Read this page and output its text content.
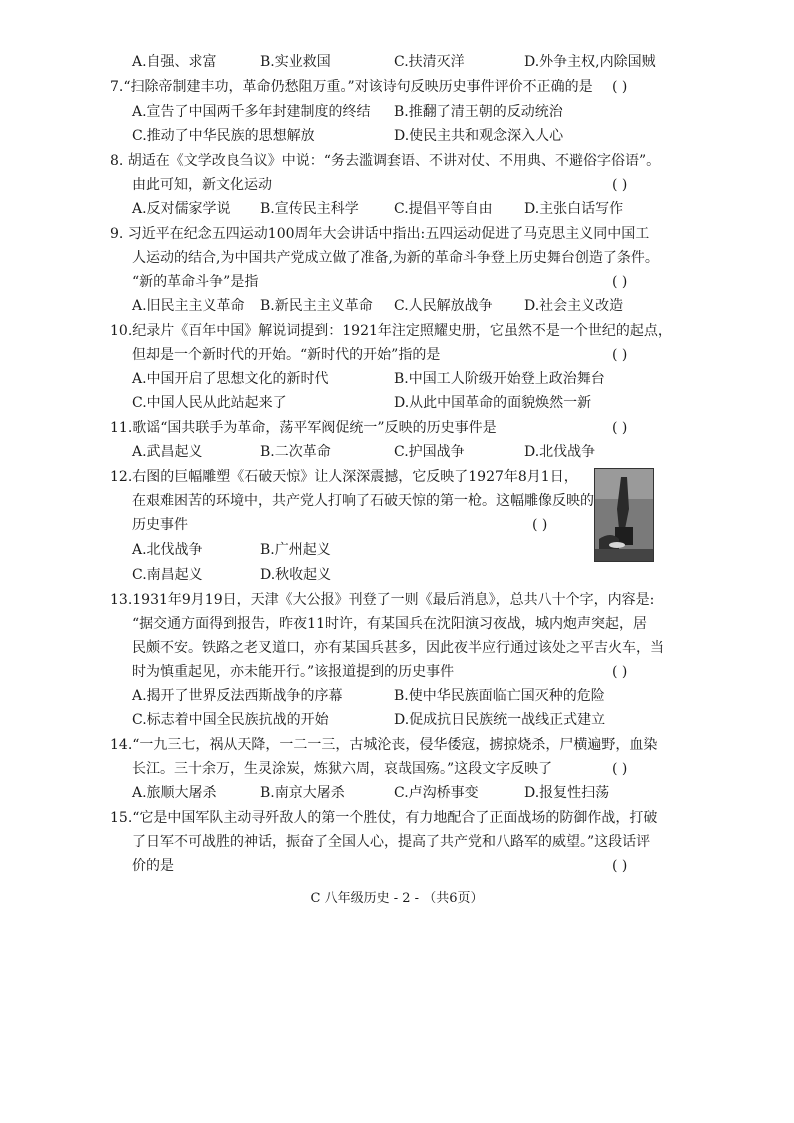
A.自强、求富	B.实业救国	C.扶清灭洋	D.外争主权,内除国贼
7.“扫除帝制建丰功，革命仍愁阻万重。”对该诗句反映历史事件评价不正确的是 ( )
A.宣告了中国两千多年封建制度的终结 B.推翻了清王朝的反动统治
C.推动了中华民族的思想解放	D.使民主共和观念深入人心
8. 胡适在《文学改良刍议》中说：“务去滥调套语、不讲对仗、不用典、不避俗字俗语”。
由此可知，新文化运动	( )
A.反对儒家学说 B.宣传民主科学	C.提倡平等自由 D.主张白话写作
9. 习近平在纪念五四运动100周年大会讲话中指出:五四运动促进了马克思主义同中国工
人运动的结合,为中国共产党成立做了准备,为新的革命斗争登上历史舞台创造了条件。
“新的革命斗争”是指	( )
A.旧民主主义革命 B.新民主主义革命 C.人民解放战争 D.社会主义改造
10.纪录片《百年中国》解说词提到：1921年注定照耀史册，它虽然不是一个世纪的起点，
但却是一个新时代的开始。“新时代的开始”指的是	( )
A.中国开启了思想文化的新时代	B.中国工人阶级开始登上政治舞台
C.中国人民从此站起来了	D.从此中国革命的面貌焕然一新
11.歌谣“国共联手为革命，荡平军阀促统一”反映的历史事件是	( )
A.武昌起义	B.二次革命	C.护国战争	D.北伐战争
12.右图的巨幅雕塑《石破天惊》让人深深震撼，它反映了1927年8月1日，
在艰难困苦的环境中，共产党人打响了石破天惊的第一枪。这幅雕像反映的
历史事件	( )
A.北伐战争	B.广州起义
C.南昌起义	D.秋收起义
13.1931年9月19日，天津《大公报》刊登了一则《最后消息》，总共八十个字，内容是:
“据交通方面得到报告，昨夜11时许，有某国兵在沈阳演习夜战，城内炮声突起，居
民颇不安。铁路之老叉道口，亦有某国兵甚多，因此夜半应行通过该处之平吉火车，当
时为慎重起见，亦未能开行。”该报道提到的历史事件	( )
A.揭开了世界反法西斯战争的序幕	B.使中华民族面临亡国灭种的危险
C.标志着中国全民族抗战的开始	D.促成抗日民族统一战线正式建立
14.“一九三七，祸从天降，一二一三，古城沦丧，侵华倭寇，掳掠烧杀，尸横遍野，血染
长江。三十余万，生灵涂炭，炼狱六周，哀哉国殇。”这段文字反映了	( )
A.旅顺大屠杀	B.南京大屠杀	C.卢沟桥事变	D.报复性扫荡
15.“它是中国军队主动寻歼敌人的第一个胜仗，有力地配合了正面战场的防御作战，打破
了日军不可战胜的神话，振奋了全国人心，提高了共产党和八路军的威望。”这段话评
价的是	( )
C 八年级历史 - 2 - （共6页）
